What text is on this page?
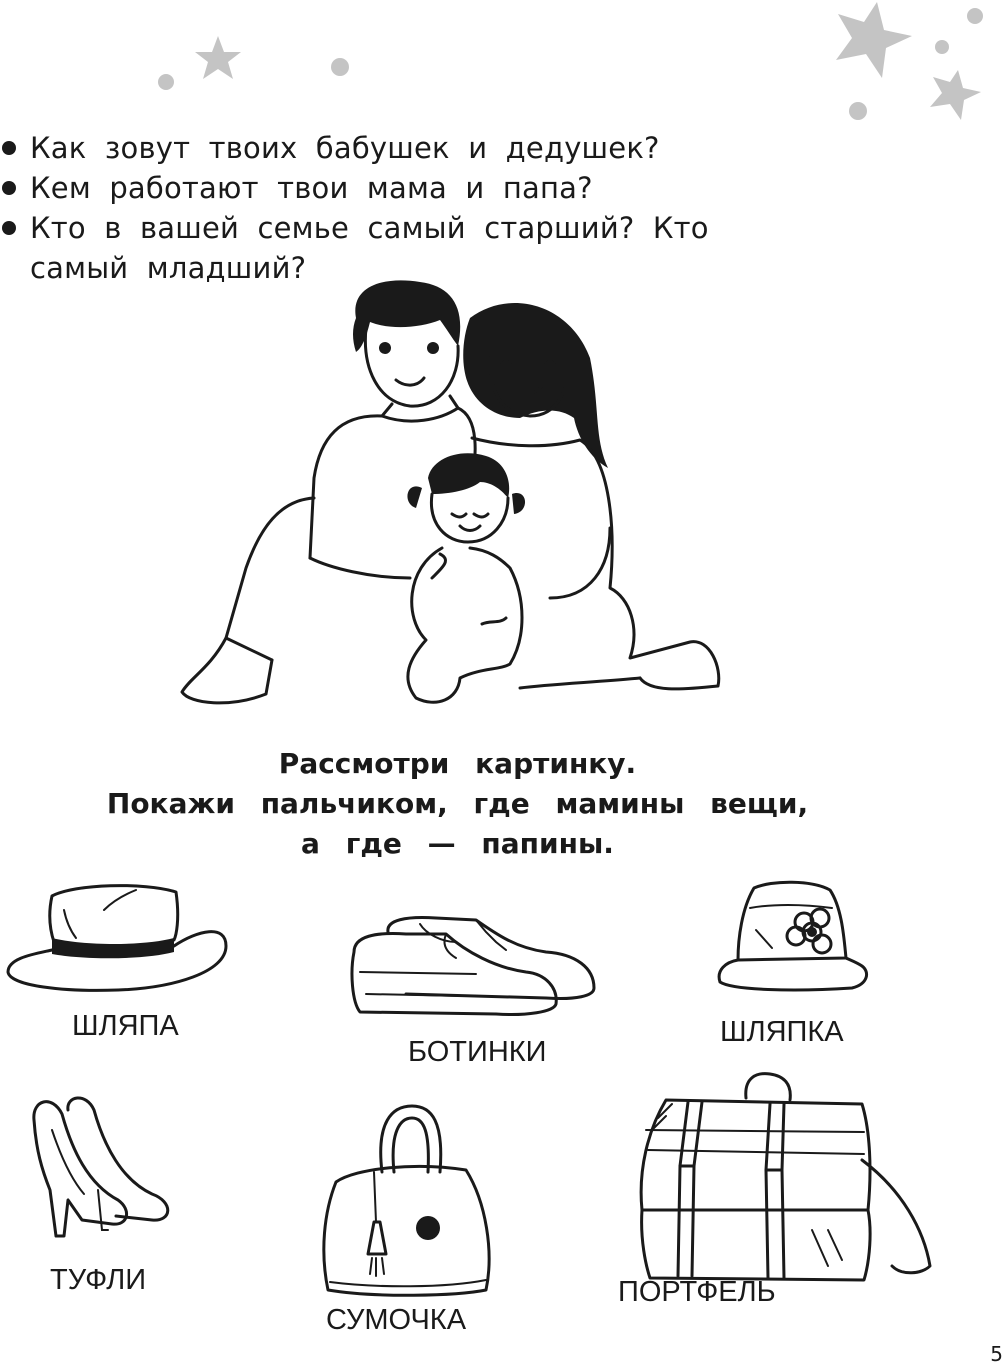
Как зовут твоих бабушек и дедушек?
Кем работают твои мама и папа?
Кто в вашей семье самый старший? Кто самый младший?
Рассмотри картинку.
Покажи пальчиком, где мамины вещи,
а где — папины.
ШЛЯПА
БОТИНКИ
ШЛЯПКА
ТУФЛИ
СУМОЧКА
ПОРТФЕЛЬ
5
